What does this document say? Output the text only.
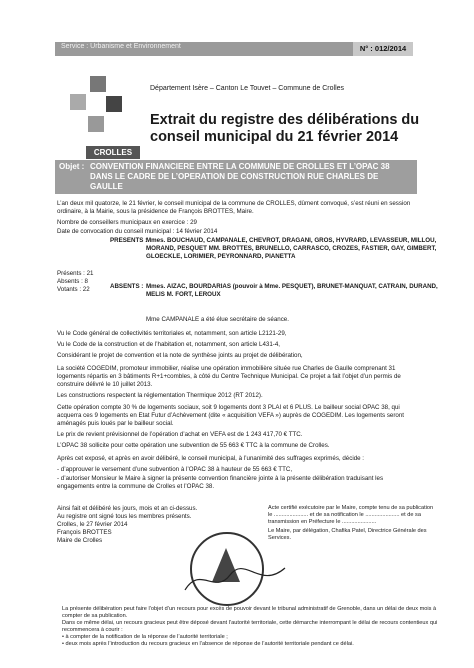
Service : Urbanisme et Environnement	N° : 012/2014
CROLLES
Département Isère – Canton Le Touvet – Commune de Crolles
Extrait du registre des délibérations du
conseil municipal du 21 février 2014
Objet : CONVENTION FINANCIERE ENTRE LA COMMUNE DE CROLLES ET L’OPAC 38 DANS LE CADRE DE L’OPERATION DE CONSTRUCTION RUE CHARLES DE GAULLE
L’an deux mil quatorze, le 21 février, le conseil municipal de la commune de CROLLES, dûment convoqué, s’est réuni en session ordinaire, à la Mairie, sous la présidence de François BROTTES, Maire.
Nombre de conseillers municipaux en exercice : 29
Date de convocation du conseil municipal : 14 février 2014
PRESENTS :
Mmes. BOUCHAUD, CAMPANALE, CHEVROT, DRAGANI, GROS, HYVRARD, LEVASSEUR, MILLOU, MORAND, PESQUET MM. BROTTES, BRUNELLO, CARRASCO, CROZES, FASTIER, GAY, GIMBERT, GLOECKLE, LORIMIER, PEYRONNARD, PIANETTA
Présents : 21
Absents : 8
Votants : 22	ABSENTS : Mmes. AIZAC, BOURDARIAS (pouvoir à Mme. PESQUET), BRUNET-MANQUAT, CATRAIN, DURAND, MELIS M. FORT, LEROUX
Mme CAMPANALE a été élue secrétaire de séance.
Vu le Code général de collectivités territoriales et, notamment, son article L2121-29,
Vu le Code de la construction et de l’habitation et, notamment, son article L431-4,
Considérant le projet de convention et la note de synthèse joints au projet de délibération,
La société COGEDIM, promoteur immobilier, réalise une opération immobilière située rue Charles de Gaulle comprenant 31 logements répartis en 3 bâtiments R+1+combles, à côté du Centre Technique Municipal. Ce projet a fait l’objet d’un permis de construire délivré le 10 juillet 2013.
Les constructions respectent la réglementation Thermique 2012 (RT 2012).
Cette opération compte 30 % de logements sociaux, soit 9 logements dont 3 PLAI et 6 PLUS. Le bailleur social OPAC 38, qui acquerra ces 9 logements en Etat Futur d’Achèvement (dite « acquisition VEFA ») auprès de COGEDIM. Les logements seront aménagés puis loués par le bailleur social.
Le prix de revient prévisionnel de l’opération d’achat en VEFA est de 1 243 417,70 € TTC.
L’OPAC 38 sollicite pour cette opération une subvention de 55 663 € TTC à la commune de Crolles.
Après cet exposé, et après en avoir délibéré, le conseil municipal, à l’unanimité des suffrages exprimés, décide :
- d’approuver le versement d’une subvention à l’OPAC 38 à hauteur de 55 663 € TTC,
- d’autoriser Monsieur le Maire à signer la présente convention financière jointe à la présente délibération traduisant les engagements entre la commune de Crolles et l’OPAC 38.
Ainsi fait et délibéré les jours, mois et an ci-dessus.
Au registre ont signé tous les membres présents.
Crolles, le 27 février 2014
François BROTTES
Maire de Crolles
Acte certifié exécutoire par le Maire, compte tenu de sa publication le ...................... et de sa notification le ...................... et de sa transmission en Préfecture le ......................
Le Maire, par délégation, Chafika Patel, Directrice Générale des Services.
La présente délibération peut faire l’objet d’un recours pour excès de pouvoir devant le tribunal administratif de Grenoble, dans un délai de deux mois à compter de sa publication.
Dans ce même délai, un recours gracieux peut être déposé devant l’autorité territoriale, cette démarche interrompant le délai de recours contentieux qui recommencera à courir :
• à compter de la notification de la réponse de l’autorité territoriale ;
• deux mois après l’introduction du recours gracieux en l’absence de réponse de l’autorité territoriale pendant ce délai.
